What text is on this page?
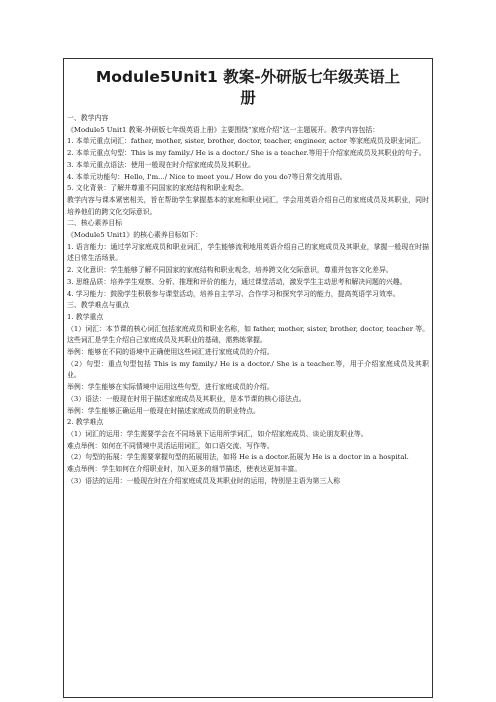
Module5Unit1 教案-外研版七年级英语上
册

一、教学内容

《Module5 Unit1 教案-外研版七年级英语上册》主要围绕“家庭介绍”这一主题展开。教学内容包括：

1. 本单元重点词汇：father, mother, sister, brother, doctor, teacher, engineer, actor 等家庭成员及职业词汇。

2. 本单元重点句型：This is my family./ He is a doctor./ She is a teacher.等用于介绍家庭成员及其职业的句子。

3. 本单元重点语法：使用一般现在时介绍家庭成员及其职业。

4. 本单元功能句：Hello, I'm.../ Nice to meet you./ How do you do?等日常交流用语。

5. 文化背景：了解并尊重不同国家的家庭结构和职业观念。

教学内容与课本紧密相关，旨在帮助学生掌握基本的家庭和职业词汇，学会用英语介绍自己的家庭成员及其职业，同时培养他们的跨文化交际意识。

二、核心素养目标

《Module5 Unit1》的核心素养目标如下：

1. 语言能力：通过学习家庭成员和职业词汇，学生能够流利地用英语介绍自己的家庭成员及其职业，掌握一般现在时描述日常生活场景。

2. 文化意识：学生能够了解不同国家的家庭结构和职业观念，培养跨文化交际意识，尊重并包容文化差异。

3. 思维品质：培养学生观察、分析、推理和评价的能力，通过课堂活动，激发学生主动思考和解决问题的兴趣。

4. 学习能力：鼓励学生积极参与课堂活动，培养自主学习、合作学习和探究学习的能力，提高英语学习效率。

三、教学难点与重点

1. 教学重点

（1）词汇：本节课的核心词汇包括家庭成员和职业名称，如 father, mother, sister, brother, doctor, teacher 等。这些词汇是学生介绍自己家庭成员及其职业的基础，需熟练掌握。

举例：能够在不同的语境中正确使用这些词汇进行家庭成员的介绍。

（2）句型：重点句型包括 This is my family./ He is a doctor./ She is a teacher.等，用于介绍家庭成员及其职业。

举例：学生能够在实际情境中运用这些句型，进行家庭成员的介绍。

（3）语法：一般现在时用于描述家庭成员及其职业，是本节课的核心语法点。

举例：学生能够正确运用一般现在时描述家庭成员的职业特点。

2. 教学难点

（1）词汇的运用：学生需要学会在不同场景下运用所学词汇，如介绍家庭成员、谈论朋友职业等。

难点举例：如何在不同情境中灵活运用词汇，如口语交流、写作等。

（2）句型的拓展：学生需要掌握句型的拓展用法，如将 He is a doctor.拓展为 He is a doctor in a hospital.

难点举例：学生如何在介绍职业时，加入更多的细节描述，使表达更加丰富。

（3）语法的运用：一般现在时在介绍家庭成员及其职业时的运用，特别是主语为第三人称
